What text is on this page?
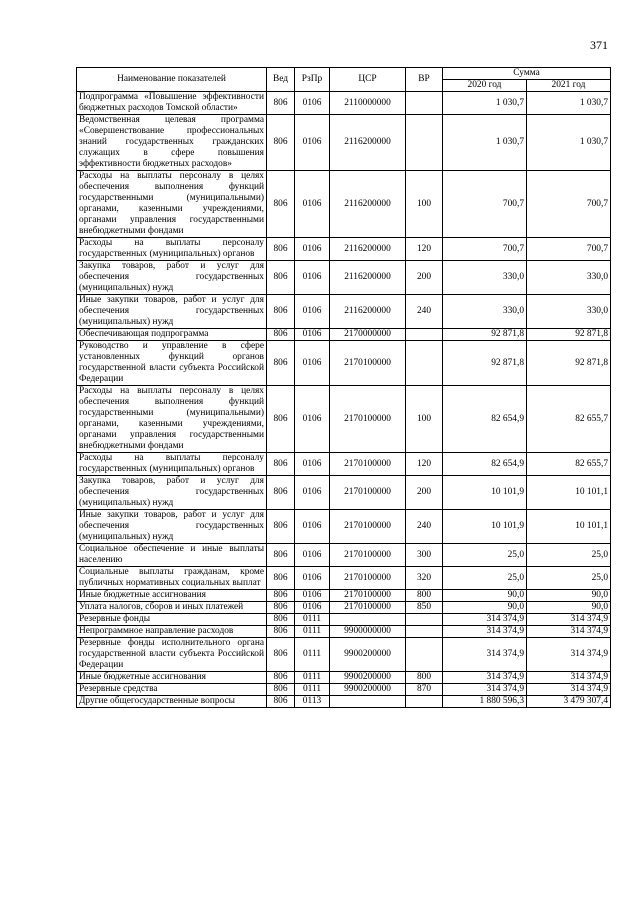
371
Наименование показателей	Вед	РзПр	ЦСР	ВР	Сумма	
					2020 год	2021 год
Подпрограмма «Повышение эффективности бюджетных расходов Томской области»	806	0106	2110000000		1 030,7	1 030,7
Ведомственная целевая программа «Совершенствование профессиональных знаний государственных гражданских служащих в сфере повышения эффективности бюджетных расходов»	806	0106	2116200000		1 030,7	1 030,7
Расходы на выплаты персоналу в целях обеспечения выполнения функций государственными (муниципальными) органами, казенными учреждениями, органами управления государственными внебюджетными фондами	806	0106	2116200000	100	700,7	700,7
Расходы на выплаты персоналу государственных (муниципальных) органов	806	0106	2116200000	120	700,7	700,7
Закупка товаров, работ и услуг для обеспечения государственных (муниципальных) нужд	806	0106	2116200000	200	330,0	330,0
Иные закупки товаров, работ и услуг для обеспечения государственных (муниципальных) нужд	806	0106	2116200000	240	330,0	330,0
Обеспечивающая подпрограмма	806	0106	2170000000		92 871,8	92 871,8
Руководство и управление в сфере установленных функций органов государственной власти субъекта Российской Федерации	806	0106	2170100000		92 871,8	92 871,8
Расходы на выплаты персоналу в целях обеспечения выполнения функций государственными (муниципальными) органами, казенными учреждениями, органами управления государственными внебюджетными фондами	806	0106	2170100000	100	82 654,9	82 655,7
Расходы на выплаты персоналу государственных (муниципальных) органов	806	0106	2170100000	120	82 654,9	82 655,7
Закупка товаров, работ и услуг для обеспечения государственных (муниципальных) нужд	806	0106	2170100000	200	10 101,9	10 101,1
Иные закупки товаров, работ и услуг для обеспечения государственных (муниципальных) нужд	806	0106	2170100000	240	10 101,9	10 101,1
Социальное обеспечение и иные выплаты населению	806	0106	2170100000	300	25,0	25,0
Социальные выплаты гражданам, кроме публичных нормативных социальных выплат	806	0106	2170100000	320	25,0	25,0
Иные бюджетные ассигнования	806	0106	2170100000	800	90,0	90,0
Уплата налогов, сборов и иных платежей	806	0106	2170100000	850	90,0	90,0
Резервные фонды	806	0111			314 374,9	314 374,9
Непрограммное направление расходов	806	0111	9900000000		314 374,9	314 374,9
Резервные фонды исполнительного органа государственной власти субъекта Российской Федерации	806	0111	9900200000		314 374,9	314 374,9
Иные бюджетные ассигнования	806	0111	9900200000	800	314 374,9	314 374,9
Резервные средства	806	0111	9900200000	870	314 374,9	314 374,9
Другие общегосударственные вопросы	806	0113			1 880 596,3	3 479 307,4
